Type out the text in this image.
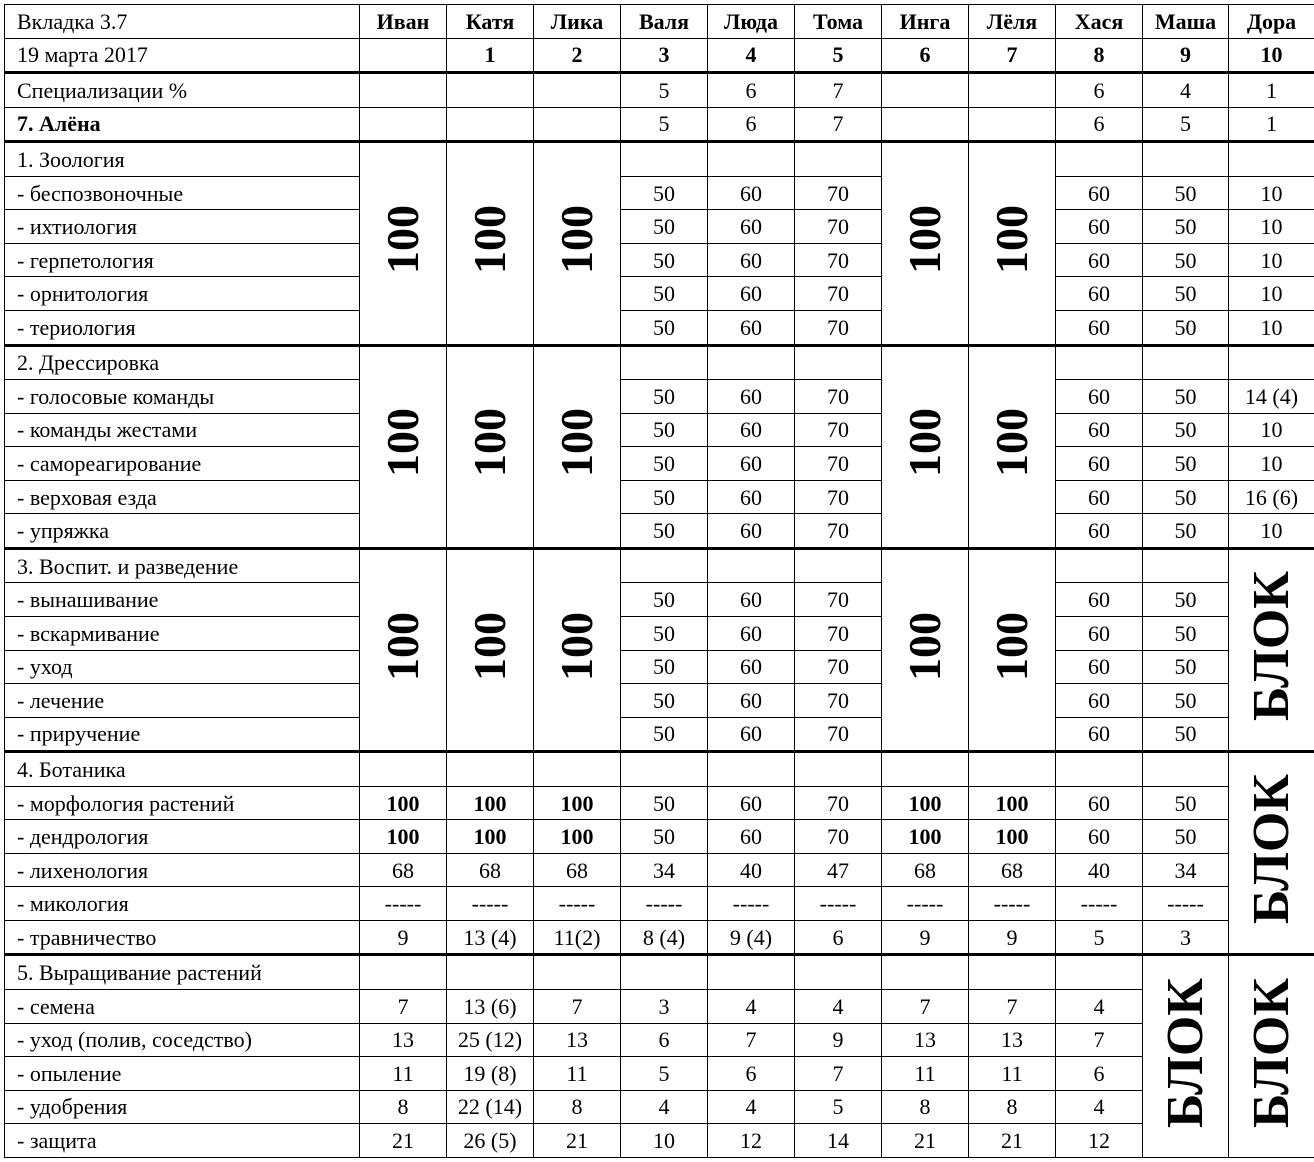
Вкладка 3.7	Иван	Катя	Лика	Валя	Люда	Тома	Инга	Лёля	Хася	Маша	Дора
19 марта 2017		1	2	3	4	5	6	7	8	9	10
Специализации %				5	6	7			6	4	1
7. Алёна				5	6	7			6	5	1
1. Зоология	100	100	100				100	100			
- беспозвоночные				50	60	70			60	50	10
- ихтиология				50	60	70			60	50	10
- герпетология				50	60	70			60	50	10
- орнитология				50	60	70			60	50	10
- териология				50	60	70			60	50	10
2. Дрессировка	100	100	100				100	100			
- голосовые команды				50	60	70			60	50	14 (4)
- команды жестами				50	60	70			60	50	10
- самореагирование				50	60	70			60	50	10
- верховая езда				50	60	70			60	50	16 (6)
- упряжка				50	60	70			60	50	10
3. Воспит. и разведение	100	100	100				100	100			БЛОК
- вынашивание				50	60	70			60	50	
- вскармивание				50	60	70			60	50	
- уход				50	60	70			60	50	
- лечение				50	60	70			60	50	
- приручение				50	60	70			60	50	
4. Ботаника											БЛОК
- морфология растений	100	100	100	50	60	70	100	100	60	50	
- дендрология	100	100	100	50	60	70	100	100	60	50	
- лихенология	68	68	68	34	40	47	68	68	40	34	
- микология	-----	-----	-----	-----	-----	-----	-----	-----	-----	-----	
- травничество	9	13 (4)	11(2)	8 (4)	9 (4)	6	9	9	5	3	
5. Выращивание растений										БЛОК	БЛОК
- семена	7	13 (6)	7	3	4	4	7	7	4		
- уход (полив, соседство)	13	25 (12)	13	6	7	9	13	13	7		
- опыление	11	19 (8)	11	5	6	7	11	11	6		
- удобрения	8	22 (14)	8	4	4	5	8	8	4		
- защита	21	26 (5)	21	10	12	14	21	21	12		
